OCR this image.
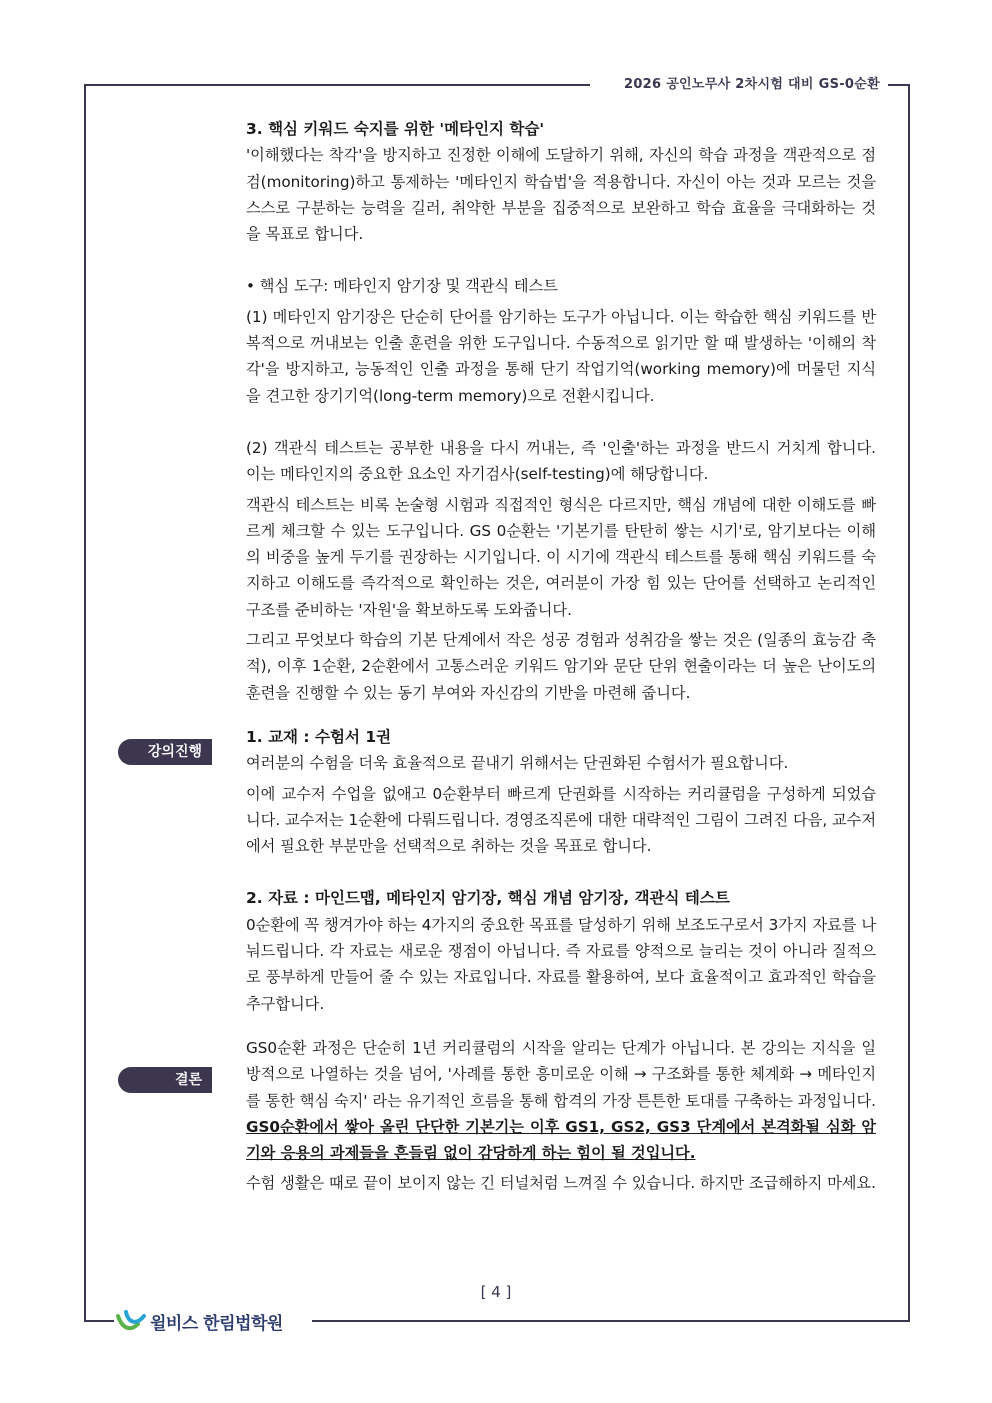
2026 공인노무사 2차시험 대비 GS-0순환
강의진행
결론

3. 핵심 키워드 숙지를 위한 '메타인지 학습'

'이해했다는 착각'을 방지하고 진정한 이해에 도달하기 위해, 자신의 학습 과정을 객관적으로 점검(monitoring)하고 통제하는 '메타인지 학습법'을 적용합니다. 자신이 아는 것과 모르는 것을 스스로 구분하는 능력을 길러, 취약한 부분을 집중적으로 보완하고 학습 효율을 극대화하는 것을 목표로 합니다.

• 핵심 도구: 메타인지 암기장 및 객관식 테스트

(1) 메타인지 암기장은 단순히 단어를 암기하는 도구가 아닙니다. 이는 학습한 핵심 키워드를 반복적으로 꺼내보는 인출 훈련을 위한 도구입니다. 수동적으로 읽기만 할 때 발생하는 '이해의 착각'을 방지하고, 능동적인 인출 과정을 통해 단기 작업기억(working memory)에 머물던 지식을 견고한 장기기억(long-term memory)으로 전환시킵니다.

(2) 객관식 테스트는 공부한 내용을 다시 꺼내는, 즉 '인출'하는 과정을 반드시 거치게 합니다. 이는 메타인지의 중요한 요소인 자기검사(self-testing)에 해당합니다.

객관식 테스트는 비록 논술형 시험과 직접적인 형식은 다르지만, 핵심 개념에 대한 이해도를 빠르게 체크할 수 있는 도구입니다. GS 0순환는 '기본기를 탄탄히 쌓는 시기'로, 암기보다는 이해의 비중을 높게 두기를 권장하는 시기입니다. 이 시기에 객관식 테스트를 통해 핵심 키워드를 숙지하고 이해도를 즉각적으로 확인하는 것은, 여러분이 가장 힘 있는 단어를 선택하고 논리적인 구조를 준비하는 '자원'을 확보하도록 도와줍니다.

그리고 무엇보다 학습의 기본 단계에서 작은 성공 경험과 성취감을 쌓는 것은 (일종의 효능감 축적), 이후 1순환, 2순환에서 고통스러운 키워드 암기와 문단 단위 현출이라는 더 높은 난이도의 훈련을 진행할 수 있는 동기 부여와 자신감의 기반을 마련해 줍니다.

1. 교재 : 수험서 1권

여러분의 수험을 더욱 효율적으로 끝내기 위해서는 단권화된 수험서가 필요합니다.

이에 교수저 수업을 없애고 0순환부터 빠르게 단권화를 시작하는 커리큘럼을 구성하게 되었습니다. 교수저는 1순환에 다뤄드립니다. 경영조직론에 대한 대략적인 그림이 그려진 다음, 교수저에서 필요한 부분만을 선택적으로 취하는 것을 목표로 합니다.

2. 자료 : 마인드맵, 메타인지 암기장, 핵심 개념 암기장, 객관식 테스트

0순환에 꼭 챙겨가야 하는 4가지의 중요한 목표를 달성하기 위해 보조도구로서 3가지 자료를 나눠드립니다. 각 자료는 새로운 쟁점이 아닙니다. 즉 자료를 양적으로 늘리는 것이 아니라 질적으로 풍부하게 만들어 줄 수 있는 자료입니다. 자료를 활용하여, 보다 효율적이고 효과적인 학습을 추구합니다.

GS0순환 과정은 단순히 1년 커리큘럼의 시작을 알리는 단계가 아닙니다. 본 강의는 지식을 일방적으로 나열하는 것을 넘어, '사례를 통한 흥미로운 이해 → 구조화를 통한 체계화 → 메타인지를 통한 핵심 숙지' 라는 유기적인 흐름을 통해 합격의 가장 튼튼한 토대를 구축하는 과정입니다. GS0순환에서 쌓아 올린 단단한 기본기는 이후 GS1, GS2, GS3 단계에서 본격화될 심화 암기와 응용의 과제들을 흔들림 없이 감당하게 하는 힘이 될 것입니다.

수험 생활은 때로 끝이 보이지 않는 긴 터널처럼 느껴질 수 있습니다. 하지만 조급해하지 마세요.

[ 4 ]
윌비스 한림법학원
